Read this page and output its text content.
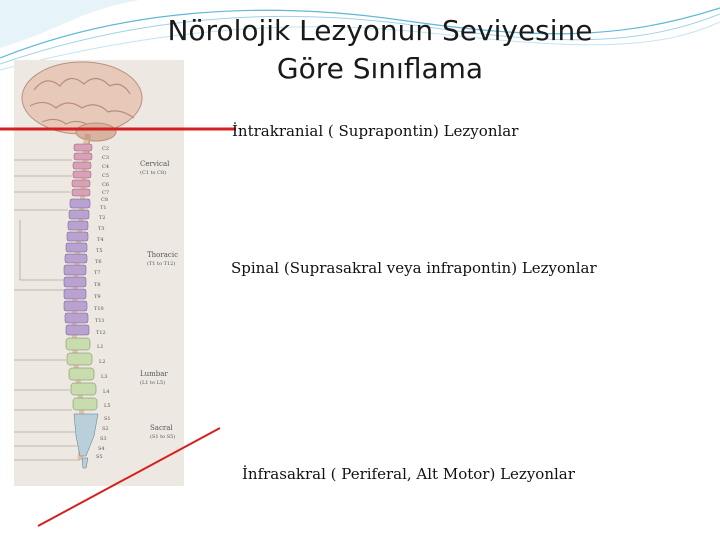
Nörolojik Lezyonun Seviyesine
Göre Sınıflama
C2
C3
C4
C5
C6
C7
C8
T1
T2
T3
T4
T5
T6
T7
T8
T9
T10
T11
T12
L1
L2
L3
L4
L5
S1
S2
S3
S4
S5
Cervical
(C1 to C8)
Thoracic
(T1 to T12)
Lumbar
(L1 to L5)
Sacral
(S1 to S5)
İntrakranial ( Suprapontin) Lezyonlar
Spinal (Suprasakral veya infrapontin) Lezyonlar
İnfrasakral ( Periferal, Alt Motor) Lezyonlar
